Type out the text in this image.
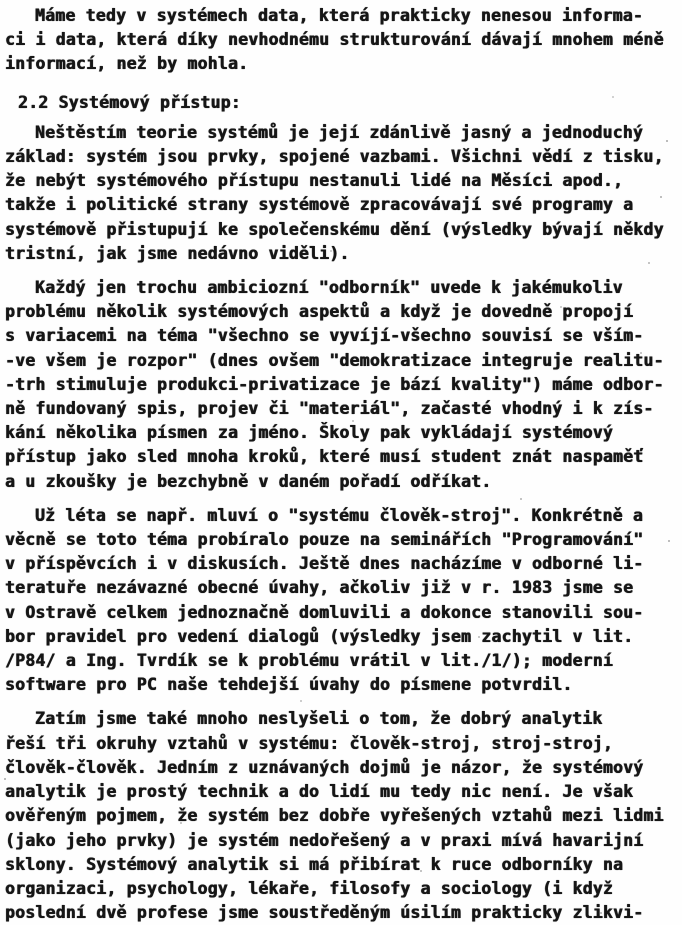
Máme tedy v systémech data, která prakticky nenesou informa-
ci i data, která díky nevhodnému strukturování dávají mnohem méně
informací, než by mohla.
2.2 Systémový přístup:
Neštěstím teorie systémů je její zdánlivě jasný a jednoduchý
základ: systém jsou prvky, spojené vazbami. Všichni vědí z tisku,
že nebýt systémového přístupu nestanuli lidé na Měsíci apod.,
takže i politické strany systémově zpracovávají své programy a
systémově přistupují ke společenskému dění (výsledky bývají někdy
tristní, jak jsme nedávno viděli).
Každý jen trochu ambiciozní "odborník" uvede k jakémukoliv
problému několik systémových aspektů a když je dovedně propojí
s variacemi na téma "všechno se vyvíjí-všechno souvisí se vším-
-ve všem je rozpor" (dnes ovšem "demokratizace integruje realitu-
-trh stimuluje produkci-privatizace je bází kvality") máme odbor-
ně fundovaný spis, projev či "materiál", začasté vhodný i k zís-
kání několika písmen za jméno. Školy pak vykládají systémový
přístup jako sled mnoha kroků, které musí student znát naspaměť
a u zkoušky je bezchybně v daném pořadí odříkat.
Už léta se např. mluví o "systému člověk-stroj". Konkrétně a
věcně se toto téma probíralo pouze na seminářích "Programování"
v příspěvcích i v diskusích. Ještě dnes nacházíme v odborné li-
teratuře nezávazné obecné úvahy, ačkoliv již v r. 1983 jsme se
v Ostravě celkem jednoznačně domluvili a dokonce stanovili sou-
bor pravidel pro vedení dialogů (výsledky jsem zachytil v lit.
/P84/ a Ing. Tvrdík se k problému vrátil v lit./1/); moderní
software pro PC naše tehdejší úvahy do písmene potvrdil.
Zatím jsme také mnoho neslyšeli o tom, že dobrý analytik
řeší tři okruhy vztahů v systému: člověk-stroj, stroj-stroj,
člověk-člověk. Jedním z uznávaných dojmů je názor, že systémový
analytik je prostý technik a do lidí mu tedy nic není. Je však
ověřeným pojmem, že systém bez dobře vyřešených vztahů mezi lidmi
(jako jeho prvky) je systém nedořešený a v praxi mívá havarijní
sklony. Systémový analytik si má přibírat k ruce odborníky na
organizaci, psychology, lékaře, filosofy a sociology (i když
poslední dvě profese jsme soustředěným úsilím prakticky zlikvi-
